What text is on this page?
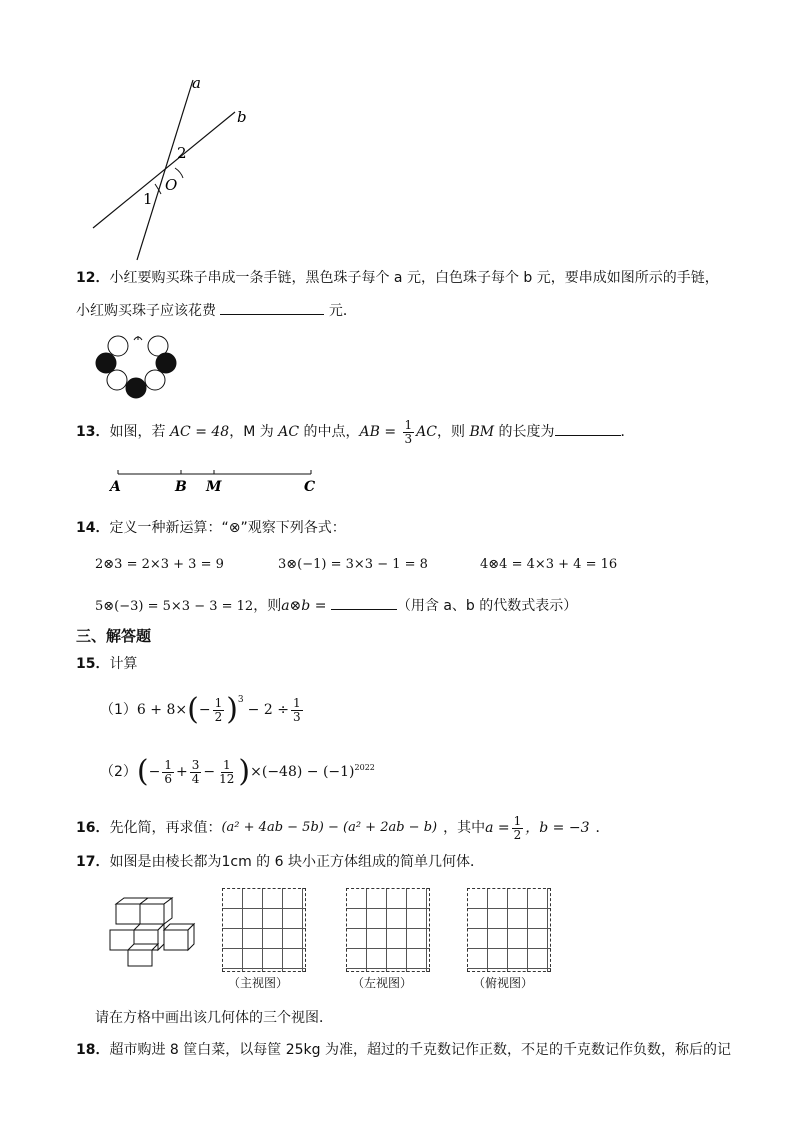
a
b
2
O
1
12．小红要购买珠子串成一条手链，黑色珠子每个 a 元，白色珠子每个 b 元，要串成如图所示的手链，
小红购买珠子应该花费	元．
13．如图，若 AC = 48，M 为 AC 的中点，AB = $\frac{1}{3}$ AC，则 BM 的长度为	．
A	B M	C
14．定义一种新运算：“⊗”观察下列各式：
2⊗3 = 2×3 + 3 = 9	3⊗(−1) = 3×3 − 1 = 8	4⊗4 = 4×3 + 4 = 16
5⊗(−3) = 5×3 − 3 = 12，则a⊗b =	（用含 a、b 的代数式表示）
三、解答题
15．计算
（1） 6 + 8× ( − $\frac{1}{2} )^3$
− $2 \div \frac{1}{3}$
（2） ( − $\frac{1}{6} + \frac{3}{4} - \frac{1}{12}$ ) $\times(-48) - (-1)^{2022}$
16． 先化简，再求值： (a² + 4ab − 5b) − (a² + 2ab − b) ，其中 $a = \frac{1}{2}$ ，b = −3 ．
17．如图是由棱长都为1cm 的 6 块小正方体组成的简单几何体．
（主视图）	（左视图）	（俯视图）
请在方格中画出该几何体的三个视图．
18．超市购进 8 筐白菜，以每筐 25kg 为准，超过的千克数记作正数，不足的千克数记作负数，称后的记
